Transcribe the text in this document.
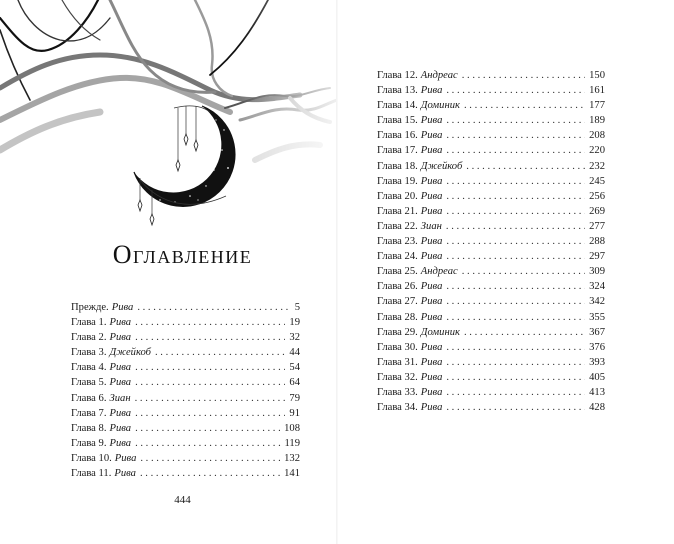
Оглавление
Прежде. Рива . . .	5
Глава 1. Рива . . .	19
Глава 2. Рива . . .	32
Глава 3. Джейкоб . . .	44
Глава 4. Рива . . .	54
Глава 5. Рива . . .	64
Глава 6. Зиан . . .	79
Глава 7. Рива . . .	91
Глава 8. Рива . . .	108
Глава 9. Рива . . .	119
Глава 10. Рива . . .	132
Глава 11. Рива . . .	141
444
Глава 12. Андреас . . .	150
Глава 13. Рива . . .	161
Глава 14. Доминик . . .	177
Глава 15. Рива . . .	189
Глава 16. Рива . . .	208
Глава 17. Рива . . .	220
Глава 18. Джейкоб . . .	232
Глава 19. Рива . . .	245
Глава 20. Рива . . .	256
Глава 21. Рива . . .	269
Глава 22. Зиан . . .	277
Глава 23. Рива . . .	288
Глава 24. Рива . . .	297
Глава 25. Андреас . . .	309
Глава 26. Рива . . .	324
Глава 27. Рива . . .	342
Глава 28. Рива . . .	355
Глава 29. Доминик . . .	367
Глава 30. Рива . . .	376
Глава 31. Рива . . .	393
Глава 32. Рива . . .	405
Глава 33. Рива . . .	413
Глава 34. Рива . . .	428
